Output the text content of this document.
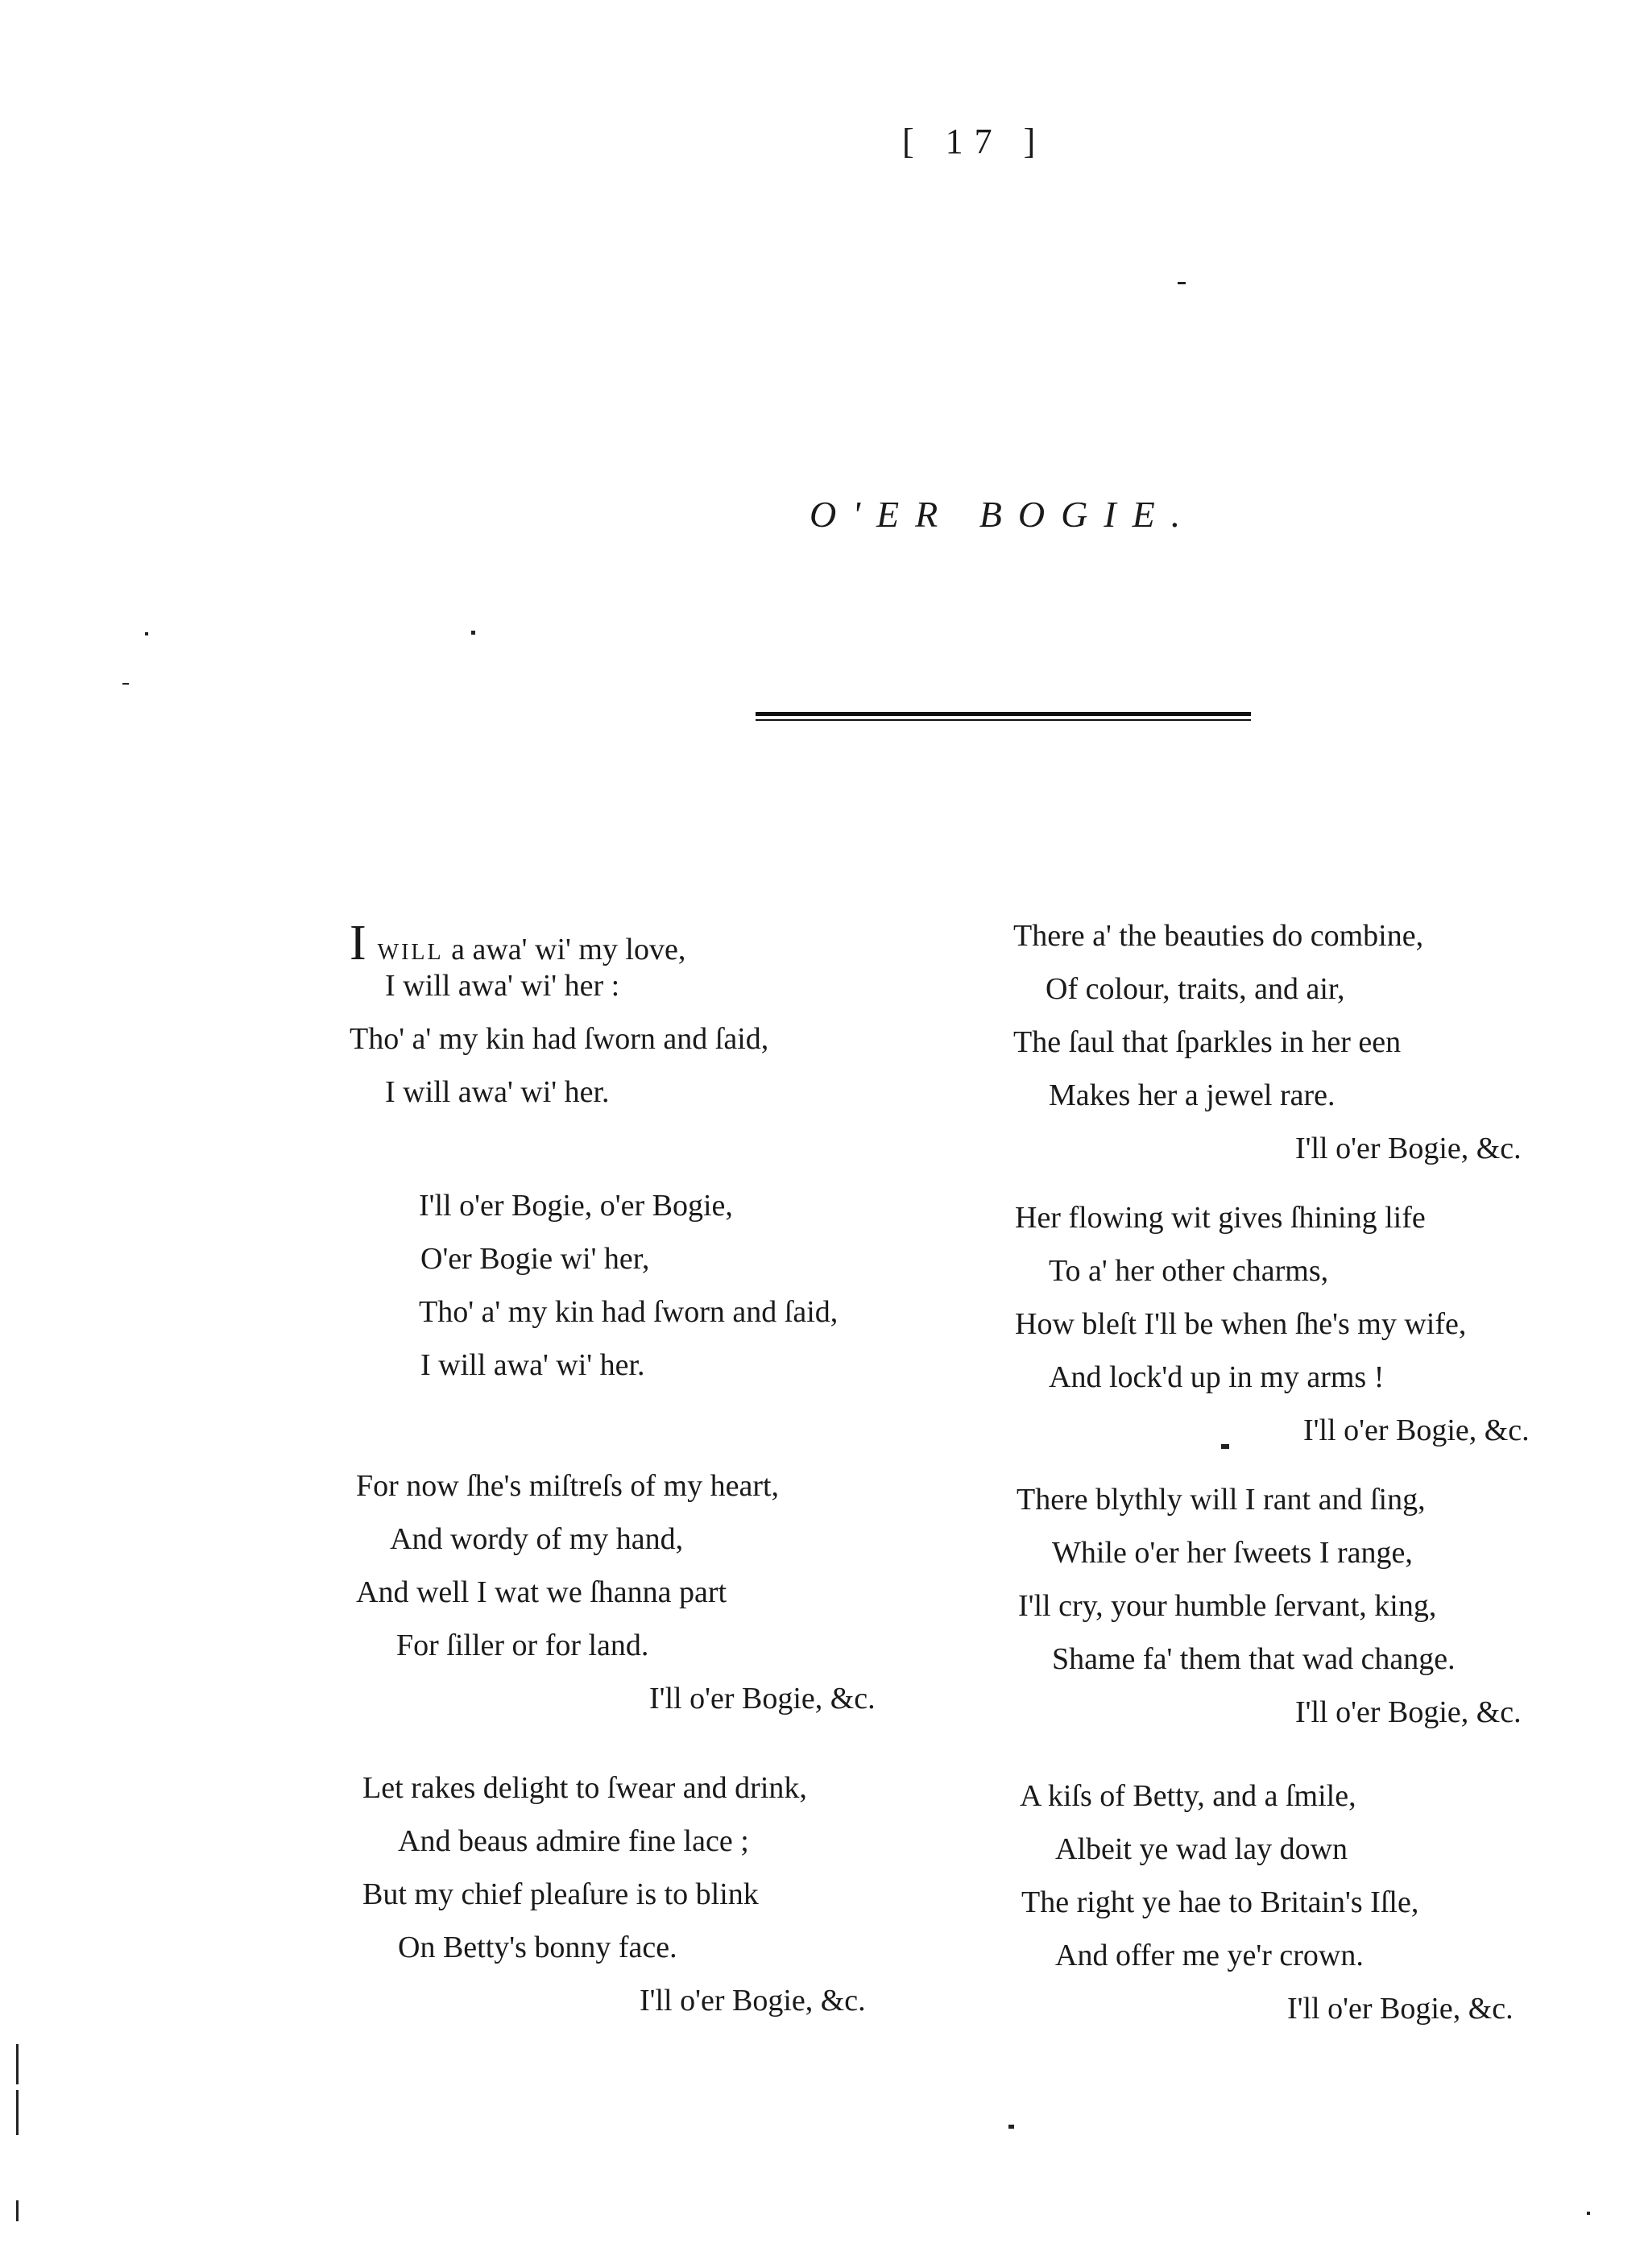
[ 17 ]
O'ER BOGIE.
IWILL a awa' wi' my love,
I will awa' wi' her :
Tho' a' my kin had ſworn and ſaid,
I will awa' wi' her.
I'll o'er Bogie, o'er Bogie,
O'er Bogie wi' her,
Tho' a' my kin had ſworn and ſaid,
I will awa' wi' her.
For now ſhe's miſtreſs of my heart,
And wordy of my hand,
And well I wat we ſhanna part
For ſiller or for land.
I'll o'er Bogie, &c.
Let rakes delight to ſwear and drink,
And beaus admire fine lace ;
But my chief pleaſure is to blink
On Betty's bonny face.
I'll o'er Bogie, &c.
There a' the beauties do combine,
Of colour, traits, and air,
The ſaul that ſparkles in her een
Makes her a jewel rare.
I'll o'er Bogie, &c.
Her flowing wit gives ſhining life
To a' her other charms,
How bleſt I'll be when ſhe's my wife,
And lock'd up in my arms !
I'll o'er Bogie, &c.
There blythly will I rant and ſing,
While o'er her ſweets I range,
I'll cry, your humble ſervant, king,
Shame fa' them that wad change.
I'll o'er Bogie, &c.
A kiſs of Betty, and a ſmile,
Albeit ye wad lay down
The right ye hae to Britain's Iſle,
And offer me ye'r crown.
I'll o'er Bogie, &c.
